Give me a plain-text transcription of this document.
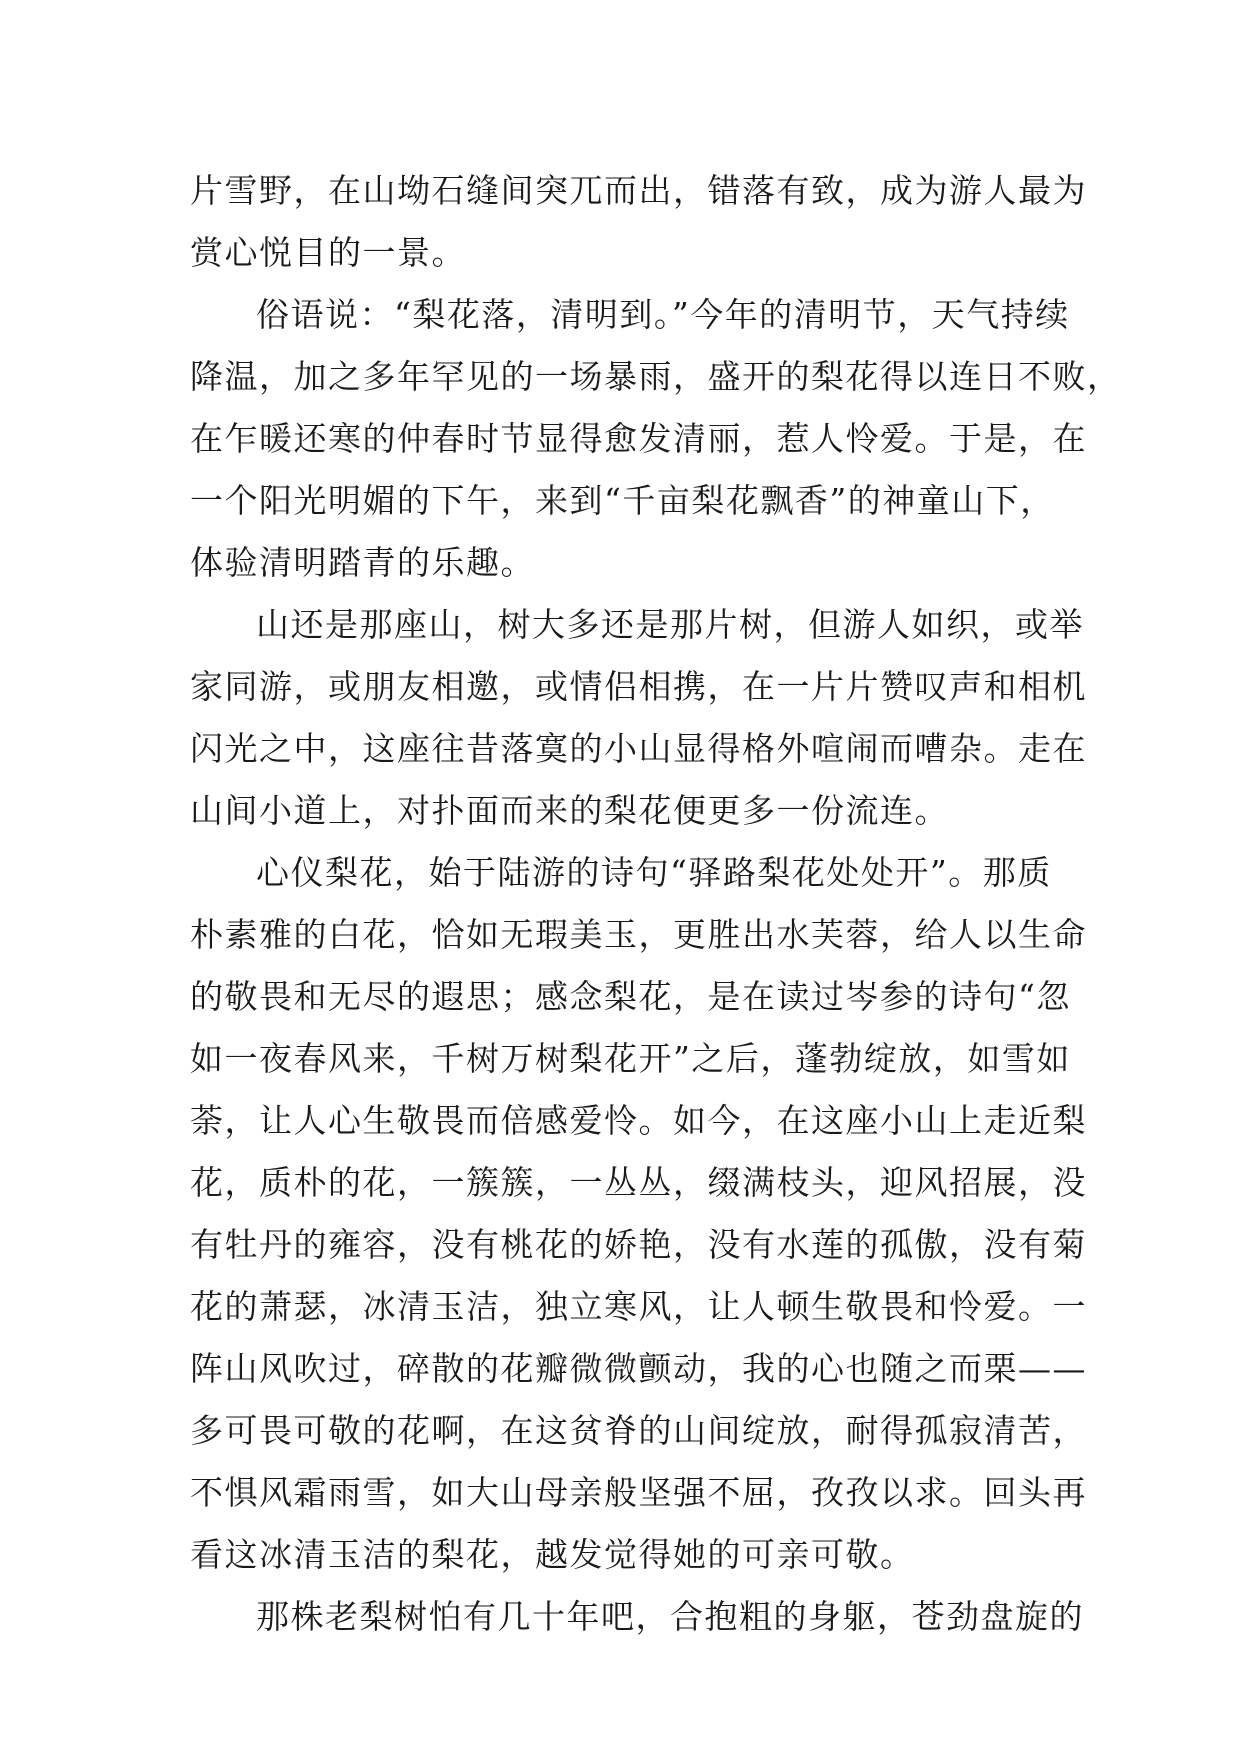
片雪野，在山坳石缝间突兀而出，错落有致，成为游人最为
赏心悦目的一景。
俗语说：“梨花落，清明到。”今年的清明节，天气持续
降温，加之多年罕见的一场暴雨，盛开的梨花得以连日不败，
在乍暖还寒的仲春时节显得愈发清丽，惹人怜爱。于是，在
一个阳光明媚的下午，来到“千亩梨花飘香”的神童山下，
体验清明踏青的乐趣。
山还是那座山，树大多还是那片树，但游人如织，或举
家同游，或朋友相邀，或情侣相携，在一片片赞叹声和相机
闪光之中，这座往昔落寞的小山显得格外喧闹而嘈杂。走在
山间小道上，对扑面而来的梨花便更多一份流连。
心仪梨花，始于陆游的诗句“驿路梨花处处开”。那质
朴素雅的白花，恰如无瑕美玉，更胜出水芙蓉，给人以生命
的敬畏和无尽的遐思；感念梨花，是在读过岑参的诗句“忽
如一夜春风来，千树万树梨花开”之后，蓬勃绽放，如雪如
荼，让人心生敬畏而倍感爱怜。如今，在这座小山上走近梨
花，质朴的花，一簇簇，一丛丛，缀满枝头，迎风招展，没
有牡丹的雍容，没有桃花的娇艳，没有水莲的孤傲，没有菊
花的萧瑟，冰清玉洁，独立寒风，让人顿生敬畏和怜爱。一
阵山风吹过，碎散的花瓣微微颤动，我的心也随之而栗——
多可畏可敬的花啊，在这贫脊的山间绽放，耐得孤寂清苦，
不惧风霜雨雪，如大山母亲般坚强不屈，孜孜以求。回头再
看这冰清玉洁的梨花，越发觉得她的可亲可敬。
那株老梨树怕有几十年吧，合抱粗的身躯，苍劲盘旋的
